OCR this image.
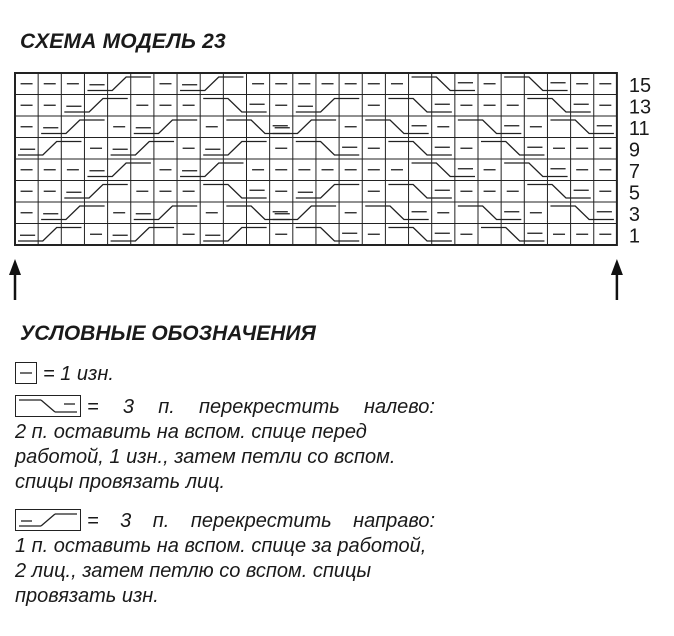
СХЕМА МОДЕЛЬ 23
15
13
11
9
7
5
3
1
УСЛОВНЫЕ ОБОЗНАЧЕНИЯ
= 1 изн.
= 3 п. перекрестить налево:
2 п. оставить на вспом. спице перед работой, 1 изн., затем петли со вспом. спицы провязать лиц.
= 3 п. перекрестить направо:
1 п. оставить на вспом. спице за работой, 2 лиц., затем петлю со вспом. спицы провязать изн.
